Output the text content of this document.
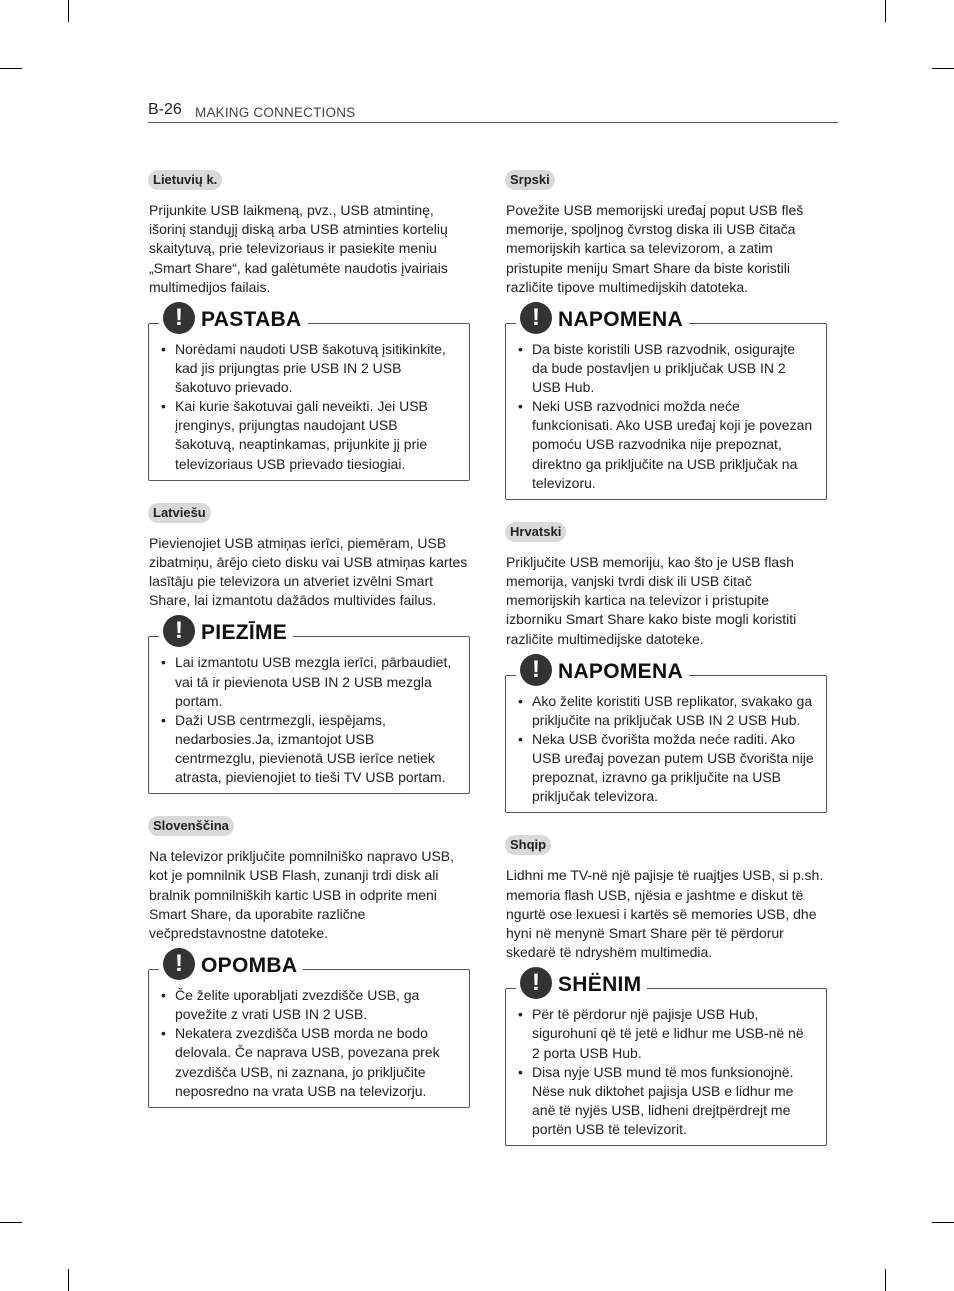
B-26 MAKING CONNECTIONS
Lietuvių k.
Prijunkite USB laikmeną, pvz., USB atmintinę, išorinį standųjį diską arba USB atminties kortelių skaitytuvą, prie televizoriaus ir pasiekite meniu „Smart Share“, kad galėtumėte naudotis įvairiais multimedijos failais.
! PASTABA
• Norėdami naudoti USB šakotuvą įsitikinkite, kad jis prijungtas prie USB IN 2 USB šakotuvo prievado.
• Kai kurie šakotuvai gali neveikti. Jei USB įrenginys, prijungtas naudojant USB šakotuvą, neaptinkamas, prijunkite jį prie televizoriaus USB prievado tiesiogiai.
Latviešu
Pievienojiet USB atmiņas ierīci, piemēram, USB zibatmiņu, ārējo cieto disku vai USB atmiņas kartes lasītāju pie televizora un atveriet izvēlni Smart Share, lai izmantotu dažādos multivides failus.
! PIEZĪME
• Lai izmantotu USB mezgla ierīci, pārbaudiet, vai tā ir pievienota USB IN 2 USB mezgla portam.
• Daži USB centrmezgli, iespējams, nedarbosies.Ja, izmantojot USB centrmezglu, pievienotā USB ierīce netiek atrasta, pievienojiet to tieši TV USB portam.
Slovenščina
Na televizor priključite pomnilniško napravo USB, kot je pomnilnik USB Flash, zunanji trdi disk ali bralnik pomnilniških kartic USB in odprite meni Smart Share, da uporabite različne večpredstavnostne datoteke.
! OPOMBA
• Če želite uporabljati zvezdišče USB, ga povežite z vrati USB IN 2 USB.
• Nekatera zvezdišča USB morda ne bodo delovala. Če naprava USB, povezana prek zvezdišča USB, ni zaznana, jo priključite neposredno na vrata USB na televizorju.
Srpski
Povežite USB memorijski uređaj poput USB fleš memorije, spoljnog čvrstog diska ili USB čitača memorijskih kartica sa televizorom, a zatim pristupite meniju Smart Share da biste koristili različite tipove multimedijskih datoteka.
! NAPOMENA
• Da biste koristili USB razvodnik, osigurajte da bude postavljen u priključak USB IN 2 USB Hub.
• Neki USB razvodnici možda neće funkcionisati. Ako USB uređaj koji je povezan pomoću USB razvodnika nije prepoznat, direktno ga priključite na USB priključak na televizoru.
Hrvatski
Priključite USB memoriju, kao što je USB flash memorija, vanjski tvrdi disk ili USB čitač memorijskih kartica na televizor i pristupite izborniku Smart Share kako biste mogli koristiti različite multimedijske datoteke.
! NAPOMENA
• Ako želite koristiti USB replikator, svakako ga priključite na priključak USB IN 2 USB Hub.
• Neka USB čvorišta možda neće raditi. Ako USB uređaj povezan putem USB čvorišta nije prepoznat, izravno ga priključite na USB priključak televizora.
Shqip
Lidhni me TV-në një pajisje të ruajtjes USB, si p.sh. memoria flash USB, njësia e jashtme e diskut të ngurtë ose lexuesi i kartës së memories USB, dhe hyni në menynë Smart Share për të përdorur skedarë të ndryshëm multimedia.
! SHËNIM
• Për të përdorur një pajisje USB Hub, sigurohuni që të jetë e lidhur me USB-në në 2 porta USB Hub.
• Disa nyje USB mund të mos funksionojnë. Nëse nuk diktohet pajisja USB e lidhur me anë të nyjës USB, lidheni drejtpërdrejt me portën USB të televizorit.
